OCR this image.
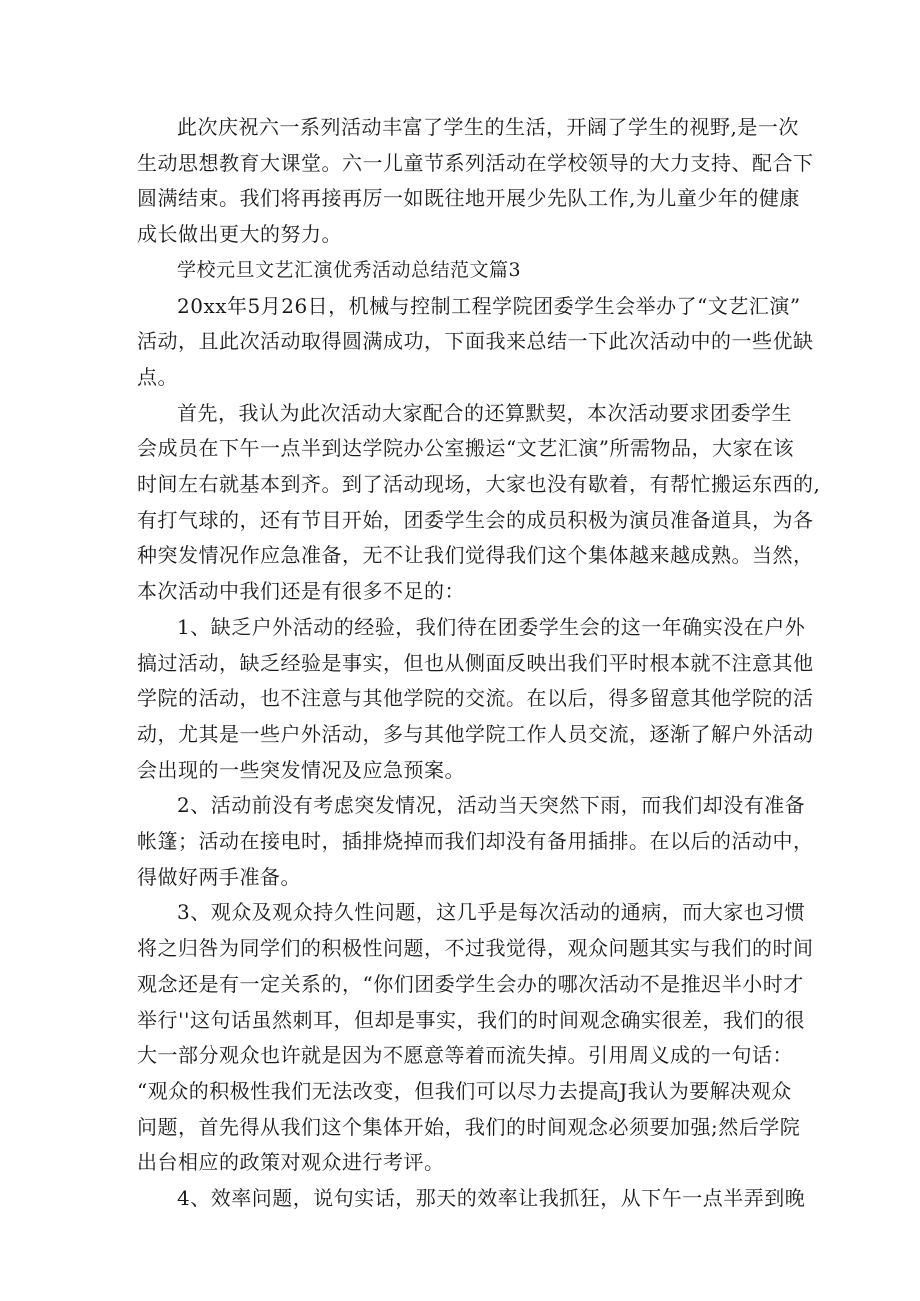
此次庆祝六一系列活动丰富了学生的生活，开阔了学生的视野,是一次
生动思想教育大课堂。六一儿童节系列活动在学校领导的大力支持、配合下
圆满结束。我们将再接再厉一如既往地开展少先队工作,为儿童少年的健康
成长做出更大的努力。
学校元旦文艺汇演优秀活动总结范文篇3
20xx年5月26日，机械与控制工程学院团委学生会举办了“文艺汇演”
活动，且此次活动取得圆满成功，下面我来总结一下此次活动中的一些优缺
点。
首先，我认为此次活动大家配合的还算默契，本次活动要求团委学生
会成员在下午一点半到达学院办公室搬运“文艺汇演”所需物品，大家在该
时间左右就基本到齐。到了活动现场，大家也没有歇着，有帮忙搬运东西的,
有打气球的，还有节目开始，团委学生会的成员积极为演员准备道具，为各
种突发情况作应急准备，无不让我们觉得我们这个集体越来越成熟。当然，
本次活动中我们还是有很多不足的：
1、缺乏户外活动的经验，我们待在团委学生会的这一年确实没在户外
搞过活动，缺乏经验是事实，但也从侧面反映出我们平时根本就不注意其他
学院的活动，也不注意与其他学院的交流。在以后，得多留意其他学院的活
动，尤其是一些户外活动，多与其他学院工作人员交流，逐渐了解户外活动
会出现的一些突发情况及应急预案。
2、活动前没有考虑突发情况，活动当天突然下雨，而我们却没有准备
帐篷；活动在接电时，插排烧掉而我们却没有备用插排。在以后的活动中，
得做好两手准备。
3、观众及观众持久性问题，这几乎是每次活动的通病，而大家也习惯
将之归咎为同学们的积极性问题，不过我觉得，观众问题其实与我们的时间
观念还是有一定关系的，“你们团委学生会办的哪次活动不是推迟半小时才
举行''这句话虽然刺耳，但却是事实，我们的时间观念确实很差，我们的很
大一部分观众也许就是因为不愿意等着而流失掉。引用周义成的一句话：
“观众的积极性我们无法改变，但我们可以尽力去提高J我认为要解决观众
问题，首先得从我们这个集体开始，我们的时间观念必须要加强;然后学院
出台相应的政策对观众进行考评。
4、效率问题，说句实话，那天的效率让我抓狂，从下午一点半弄到晚
